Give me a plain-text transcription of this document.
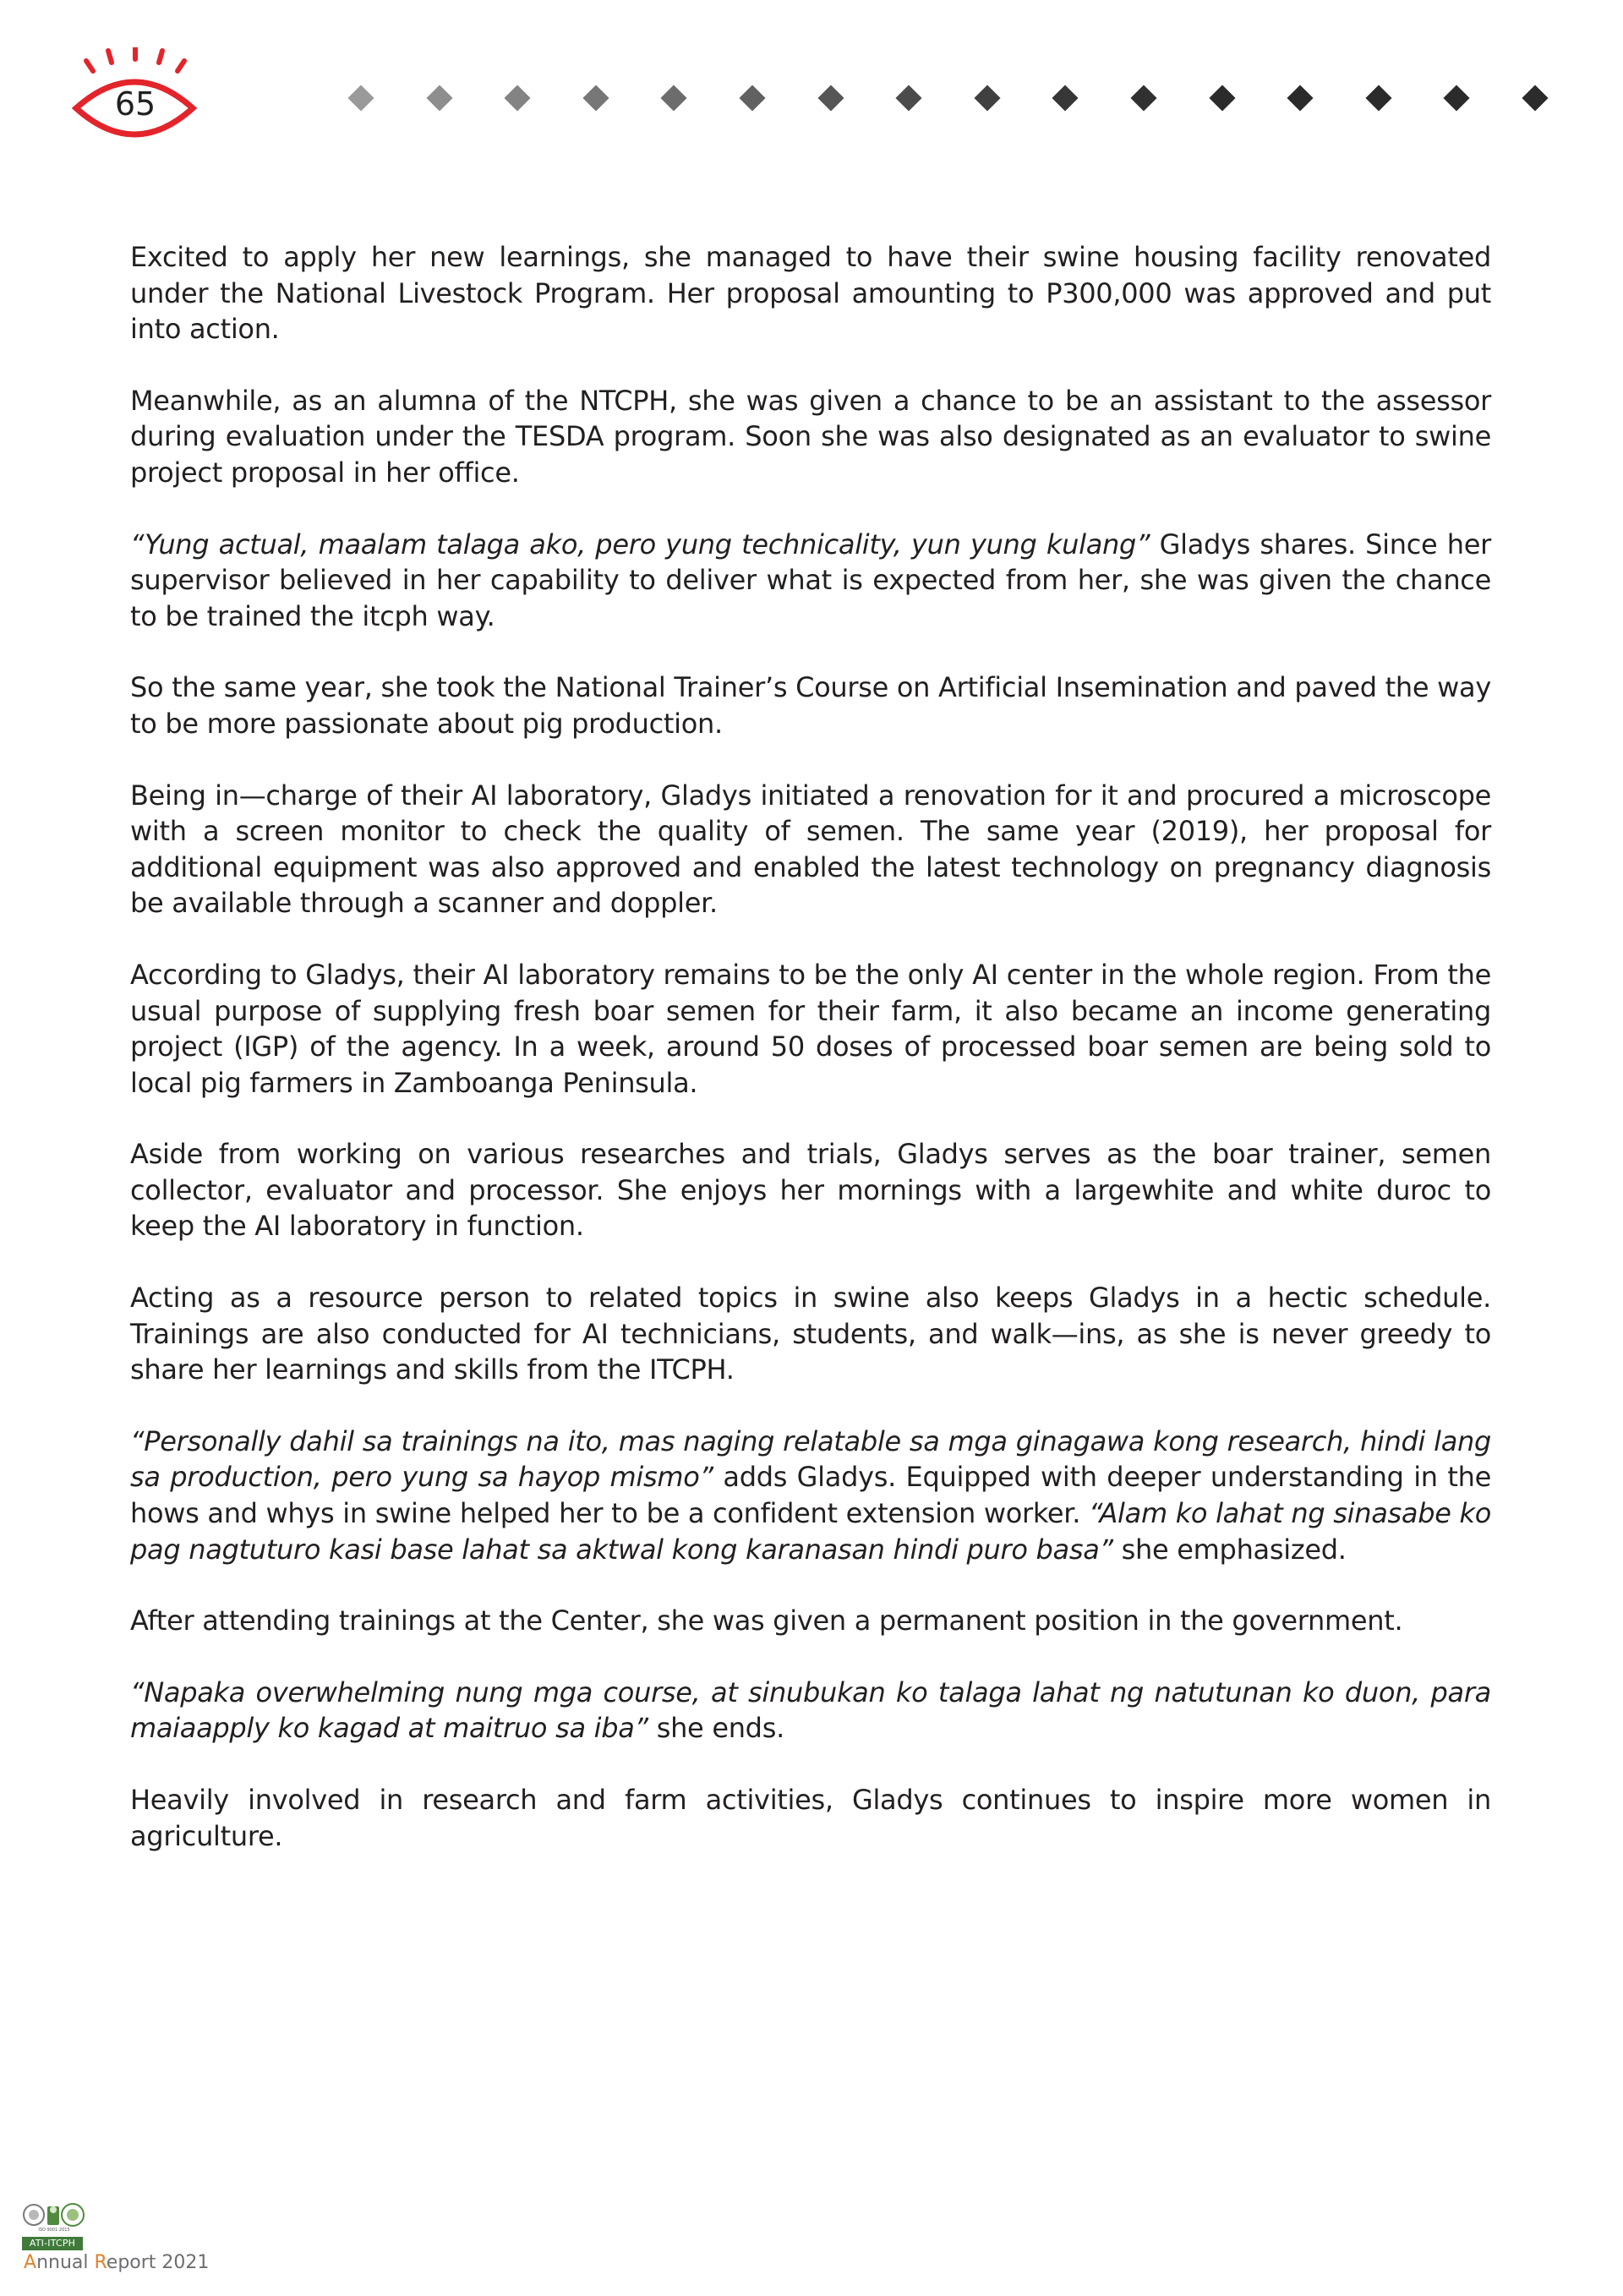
65

Excited to apply her new learnings, she managed to have their swine housing facility renovated under the National Livestock Program. Her proposal amounting to P300,000 was approved and put into action.

Meanwhile, as an alumna of the NTCPH, she was given a chance to be an assistant to the assessor during evaluation under the TESDA program. Soon she was also designated as an evaluator to swine project proposal in her office.

“Yung actual, maalam talaga ako, pero yung technicality, yun yung kulang” Gladys shares. Since her supervisor believed in her capability to deliver what is expected from her, she was given the chance to be trained the itcph way.

So the same year, she took the National Trainer’s Course on Artificial Insemination and paved the way to be more passionate about pig production.

Being in—charge of their AI laboratory, Gladys initiated a renovation for it and procured a microscope with a screen monitor to check the quality of semen. The same year (2019), her proposal for additional equipment was also approved and enabled the latest technology on pregnancy diagnosis be available through a scanner and doppler.

According to Gladys, their AI laboratory remains to be the only AI center in the whole region. From the usual purpose of supplying fresh boar semen for their farm, it also became an income generating project (IGP) of the agency. In a week, around 50 doses of processed boar semen are being sold to local pig farmers in Zamboanga Peninsula.

Aside from working on various researches and trials, Gladys serves as the boar trainer, semen collector, evaluator and processor. She enjoys her mornings with a largewhite and white duroc to keep the AI laboratory in function.

Acting as a resource person to related topics in swine also keeps Gladys in a hectic schedule. Trainings are also conducted for AI technicians, students, and walk—ins, as she is never greedy to share her learnings and skills from the ITCPH.

“Personally dahil sa trainings na ito, mas naging relatable sa mga ginagawa kong research, hindi lang sa production, pero yung sa hayop mismo” adds Gladys. Equipped with deeper understanding in the hows and whys in swine helped her to be a confident extension worker. “Alam ko lahat ng sinasabe ko pag nagtuturo kasi base lahat sa aktwal kong karanasan hindi puro basa” she emphasized.

After attending trainings at the Center, she was given a permanent position in the government.

“Napaka overwhelming nung mga course, at sinubukan ko talaga lahat ng natutunan ko duon, para maiaapply ko kagad at maitruo sa iba” she ends.

Heavily involved in research and farm activities, Gladys continues to inspire more women in agriculture.

ISO 9001:2015
ATI-ITCPH
Annual Report 2021
